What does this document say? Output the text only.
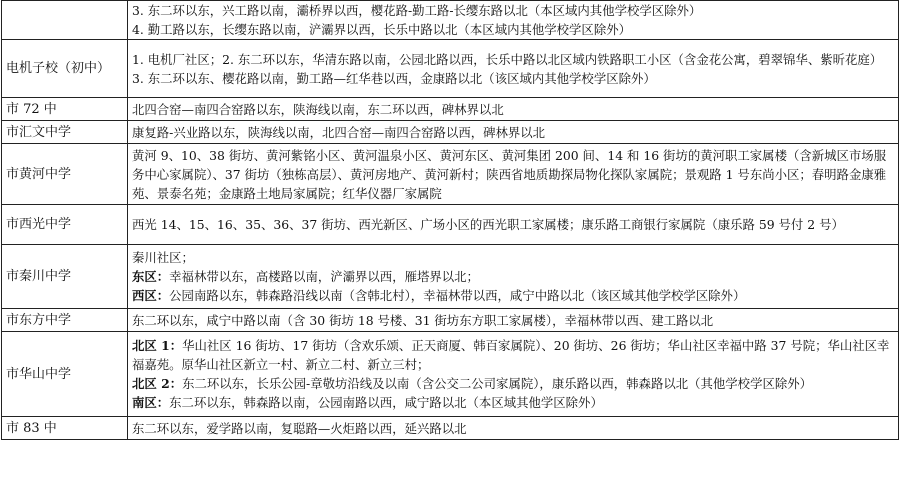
	3. 东二环以东，兴工路以南，灞桥界以西，樱花路-勤工路-长缨东路以北（本区域内其他学校学区除外）
4. 勤工路以东，长缨东路以南，浐灞界以西，长乐中路以北（本区域内其他学校学区除外）

电机子校（初中）	1. 电机厂社区；2. 东二环以东，华清东路以南，公园北路以西，长乐中路以北区域内铁路职工小区（含金花公寓，碧翠锦华、紫昕花庭）
3. 东二环以东、樱花路以南，勤工路—红华巷以西，金康路以北（该区域内其他学校学区除外）

市 72 中	北四合窑—南四合窑路以东，陕海线以南，东二环以西，碑林界以北

市汇文中学	康复路-兴业路以东，陕海线以南，北四合窑—南四合窑路以西，碑林界以北

市黄河中学	黄河 9、10、38 街坊、黄河紫铭小区、黄河温泉小区、黄河东区、黄河集团 200 间、14 和 16 街坊的黄河职工家属楼（含新城区市场服务中心家属院）、37 街坊（独栋高层）、黄河房地产、黄河新村；陕西省地质勘探局物化探队家属院；景观路 1 号东尚小区；春明路金康雅苑、景泰名苑；金康路土地局家属院；红华仪器厂家属院

市西光中学	西光 14、15、16、35、36、37 街坊、西光新区、广场小区的西光职工家属楼；康乐路工商银行家属院（康乐路 59 号付 2 号）

市秦川中学	秦川社区；
东区：幸福林带以东，高楼路以南，浐灞界以西，雁塔界以北；
西区：公园南路以东，韩森路沿线以南（含韩北村），幸福林带以西，咸宁中路以北（该区域其他学校学区除外）

市东方中学	东二环以东，咸宁中路以南（含 30 街坊 18 号楼、31 街坊东方职工家属楼），幸福林带以西、建工路以北

市华山中学	北区 1：华山社区 16 街坊、17 街坊（含欢乐颂、正天商厦、韩百家属院）、20 街坊、26 街坊；华山社区幸福中路 37 号院；华山社区幸福嘉苑。原华山社区新立一村、新立二村、新立三村；
北区 2：东二环以东，长乐公园-章敬坊沿线及以南（含公交二公司家属院），康乐路以西，韩森路以北（其他学校学区除外）
南区：东二环以东，韩森路以南，公园南路以西，咸宁路以北（本区域其他学区除外）

市 83 中	东二环以东，爱学路以南，复聪路—火炬路以西，延兴路以北
